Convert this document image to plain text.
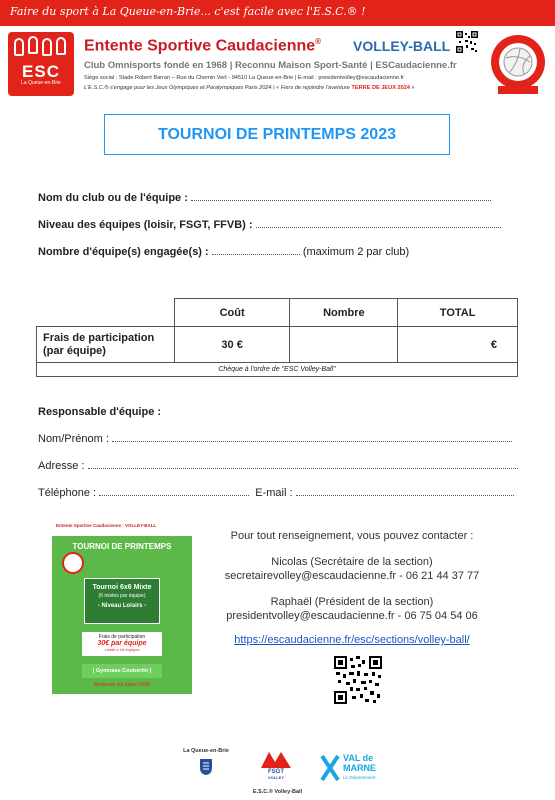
Faire du sport à La Queue-en-Brie... c'est facile avec l'E.S.C.® !
ESC
La Queue-en-Brie
Entente Sportive Caudacienne® VOLLEY-BALL
Club Omnisports fondé en 1968 | Reconnu Maison Sport-Santé | ESCaudacienne.fr
Siège social : Stade Robert Barran – Rue du Chemin Vert - 94510 La Queue-en-Brie | E-mail : presidentvolley@escaudacienne.fr
L'E.S.C.® s'engage pour les Jeux Olympiques et Paralympiques Paris 2024 | « Fiers de rejoindre l'aventure TERRE DE JEUX 2024 »
TOURNOI DE PRINTEMPS 2023
Nom du club ou de l'équipe :
Niveau des équipes (loisir, FSGT, FFVB) :
Nombre d'équipe(s) engagée(s) :	(maximum 2 par club)
	Coût	Nombre	TOTAL
Frais de participation (par équipe)	30 €		€
Chèque à l'ordre de "ESC Volley-Ball"			
Responsable d'équipe :
Nom/Prénom :
Adresse :
Téléphone :	E-mail :
Entente Sportive Caudacienne · VOLLEY-BALL
TOURNOI DE PRINTEMPS
Tournoi 6x6 Mixte
(6 mixtes par équipe)
- Niveau Loisirs -
Frais de participation
30€ par équipe
Limité à 16 équipes
| Gymnase Coubertin |
Barbecue sur place (10€)
Pour tout renseignement, vous pouvez contacter :
Nicolas (Secrétaire de la section)
secretairevolley@escaudacienne.fr - 06 21 44 37 77
Raphaël (Président de la section)
presidentvolley@escaudacienne.fr - 06 75 04 54 06
https://escaudacienne.fr/esc/sections/volley-ball/
La Queue-en-Brie
FSGT
VOLLEY
VAL de
MARNE
Le Département
E.S.C.® Volley-Ball
